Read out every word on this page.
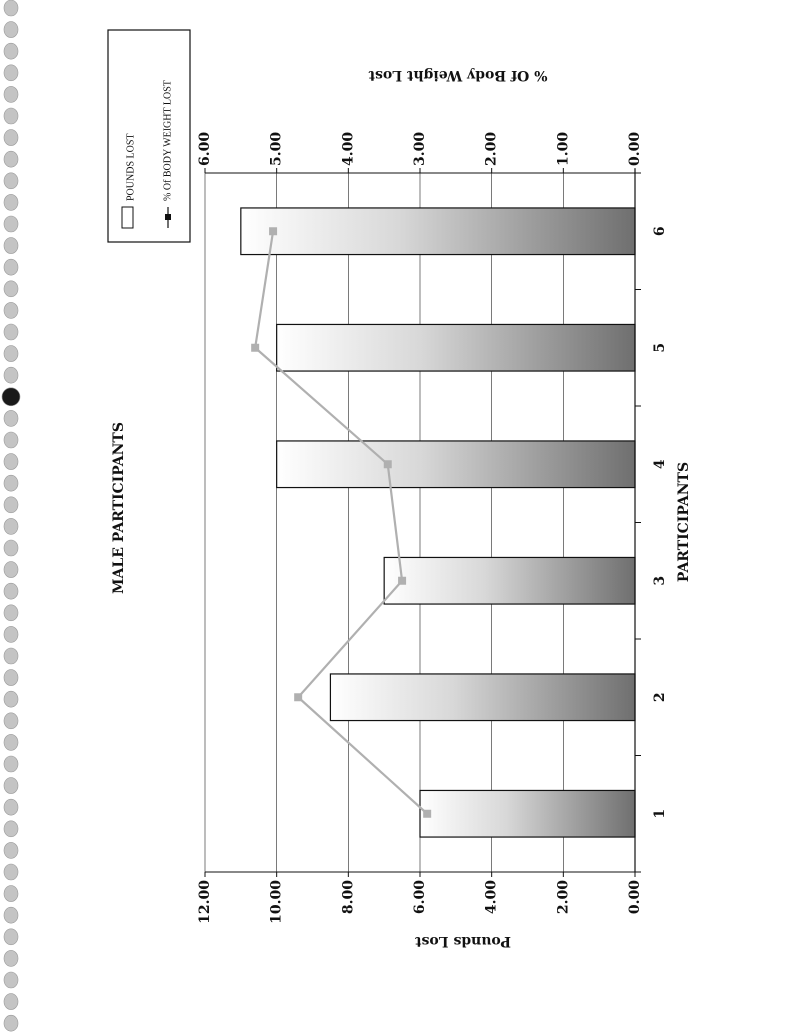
1
2
3
4
5
6
0.00
2.00
4.00
6.00
8.00
10.00
12.00
0.00
1.00
2.00
3.00
4.00
5.00
6.00
MALE PARTICIPANTS	PARTICIPANTS
Pounds Lost
% Of Body Weight Lost
POUNDS LOST	% Of BODY WEIGHT LOST
